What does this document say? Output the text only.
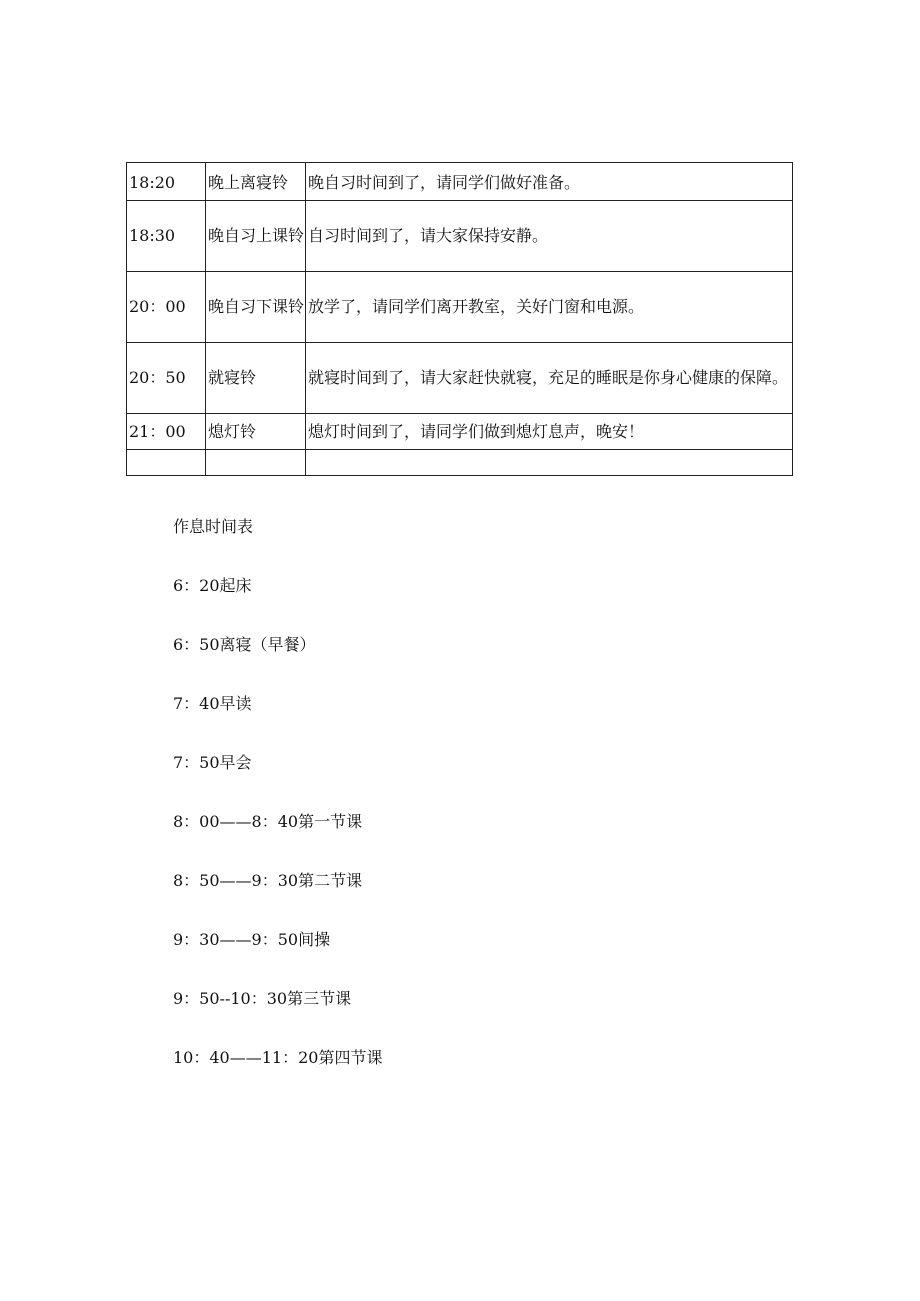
18:20	晚上离寝铃	晚自习时间到了，请同学们做好准备。
18:30	晚自习上课铃	自习时间到了，请大家保持安静。
20：00	晚自习下课铃	放学了，请同学们离开教室，关好门窗和电源。
20：50	就寝铃	就寝时间到了，请大家赶快就寝，充足的睡眠是你身心健康的保障。
21：00	熄灯铃	熄灯时间到了，请同学们做到熄灯息声，晚安！

作息时间表
6：20起床
6：50离寝（早餐）
7：40早读
7：50早会
8：00——8：40第一节课
8：50——9：30第二节课
9：30——9：50间操
9：50--10：30第三节课
10：40——11：20第四节课
